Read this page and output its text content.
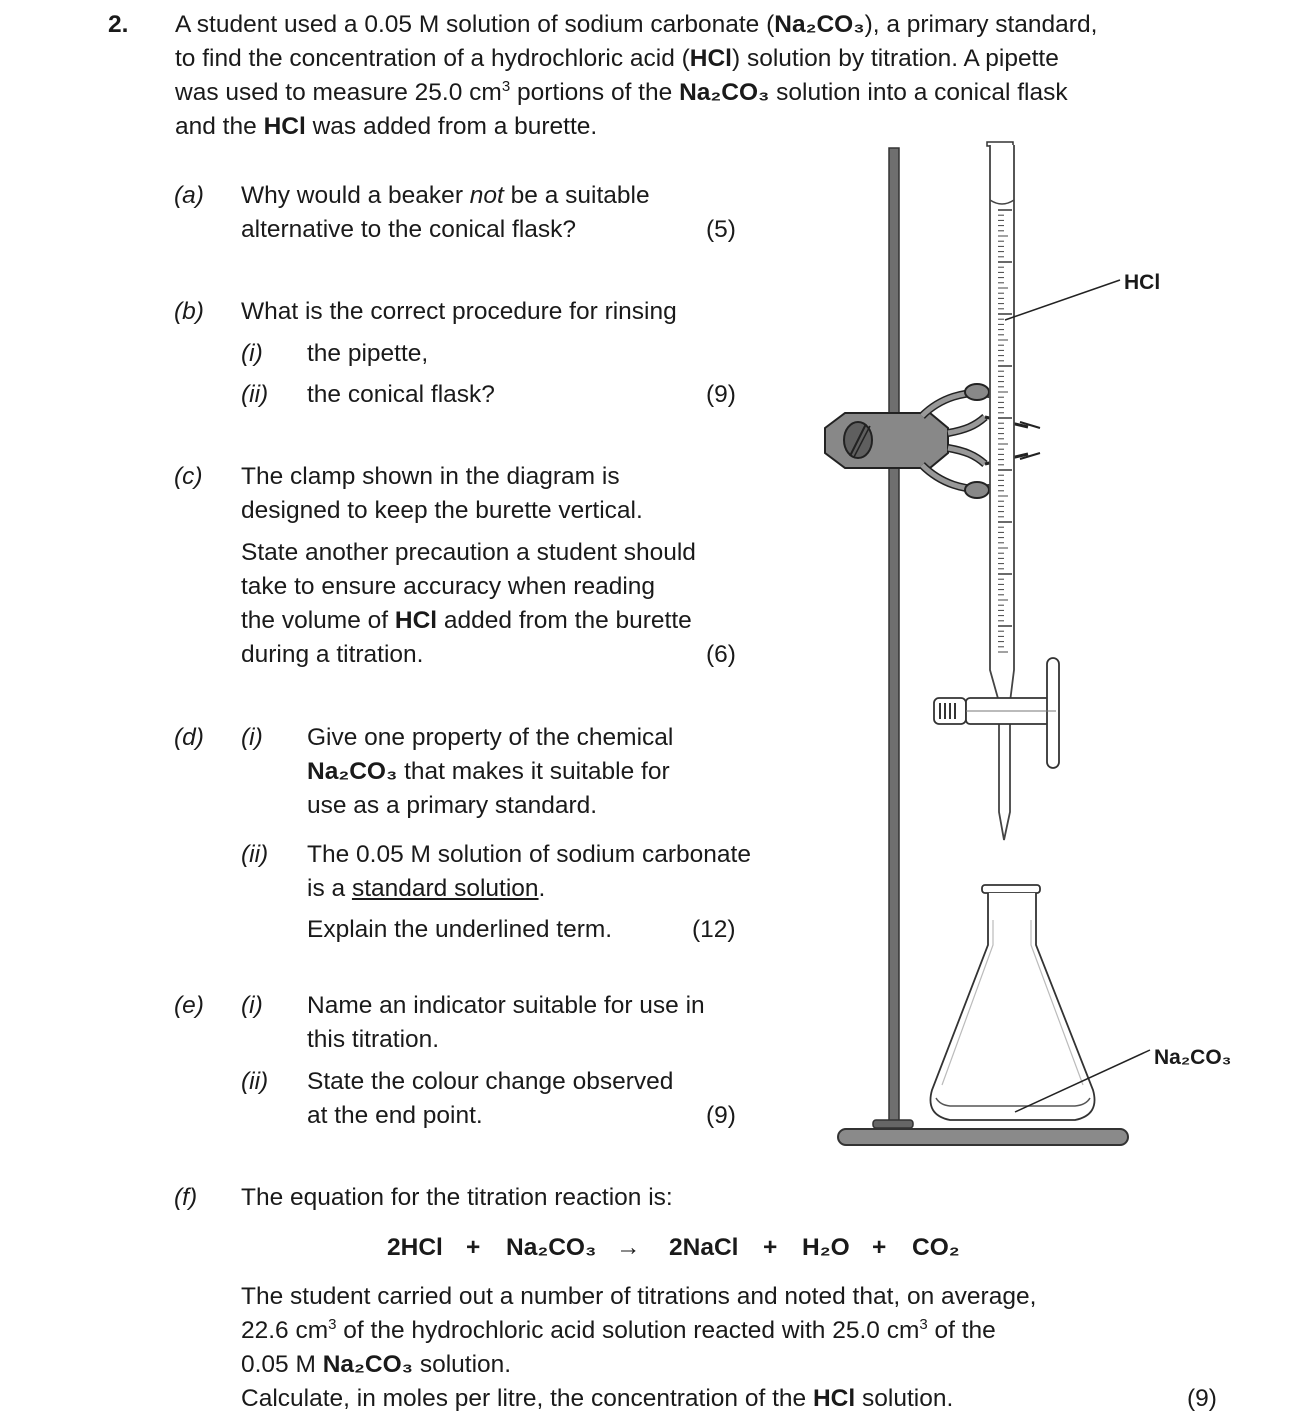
2. A student used a 0.05 M solution of sodium carbonate (Na₂CO₃), a primary standard,
to find the concentration of a hydrochloric acid (HCl) solution by titration. A pipette
was used to measure 25.0 $cm^3$ portions of the Na₂CO₃ solution into a conical flask
and the HCl was added from a burette.
(a) Why would a beaker not be a suitable
alternative to the conical flask?	(5)
(b) What is the correct procedure for rinsing
(i) the pipette,
(ii) the conical flask?	(9)
(c) The clamp shown in the diagram is
designed to keep the burette vertical.
State another precaution a student should
take to ensure accuracy when reading
the volume of HCl added from the burette
during a titration.	(6)
(d) (i) Give one property of the chemical
Na₂CO₃ that makes it suitable for
use as a primary standard.
(ii) The 0.05 M solution of sodium carbonate
is a standard solution.
Explain the underlined term.	(12)
(e) (i) Name an indicator suitable for use in
this titration.
(ii) State the colour change observed
at the end point.	(9)
(f) The equation for the titration reaction is:
2HCl + Na₂CO₃ → 2NaCl + H₂O + CO₂
The student carried out a number of titrations and noted that, on average,
22.6 $cm^3$ of the hydrochloric acid solution reacted with 25.0 $cm^3$ of the
0.05 M Na₂CO₃ solution.
Calculate, in moles per litre, the concentration of the HCl solution.	(9)
HCl
Na₂CO₃
